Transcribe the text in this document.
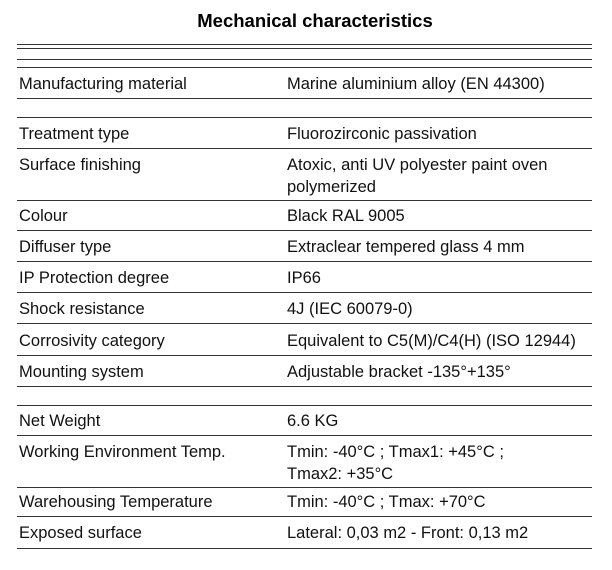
Mechanical characteristics
Manufacturing material	Marine aluminium alloy (EN 44300)
Treatment type	Fluorozirconic passivation
Surface finishing	Atoxic, anti UV polyester paint oven
polymerized
Colour	Black RAL 9005
Diffuser type	Extraclear tempered glass 4 mm
IP Protection degree	IP66
Shock resistance	4J (IEC 60079-0)
Corrosivity category	Equivalent to C5(M)/C4(H) (ISO 12944)
Mounting system	Adjustable bracket -135°+135°
Net Weight	6.6 KG
Working Environment Temp.	Tmin: -40°C ; Tmax1: +45°C ;
Tmax2: +35°C
Warehousing Temperature	Tmin: -40°C ; Tmax: +70°C
Exposed surface	Lateral: 0,03 m2 - Front: 0,13 m2
